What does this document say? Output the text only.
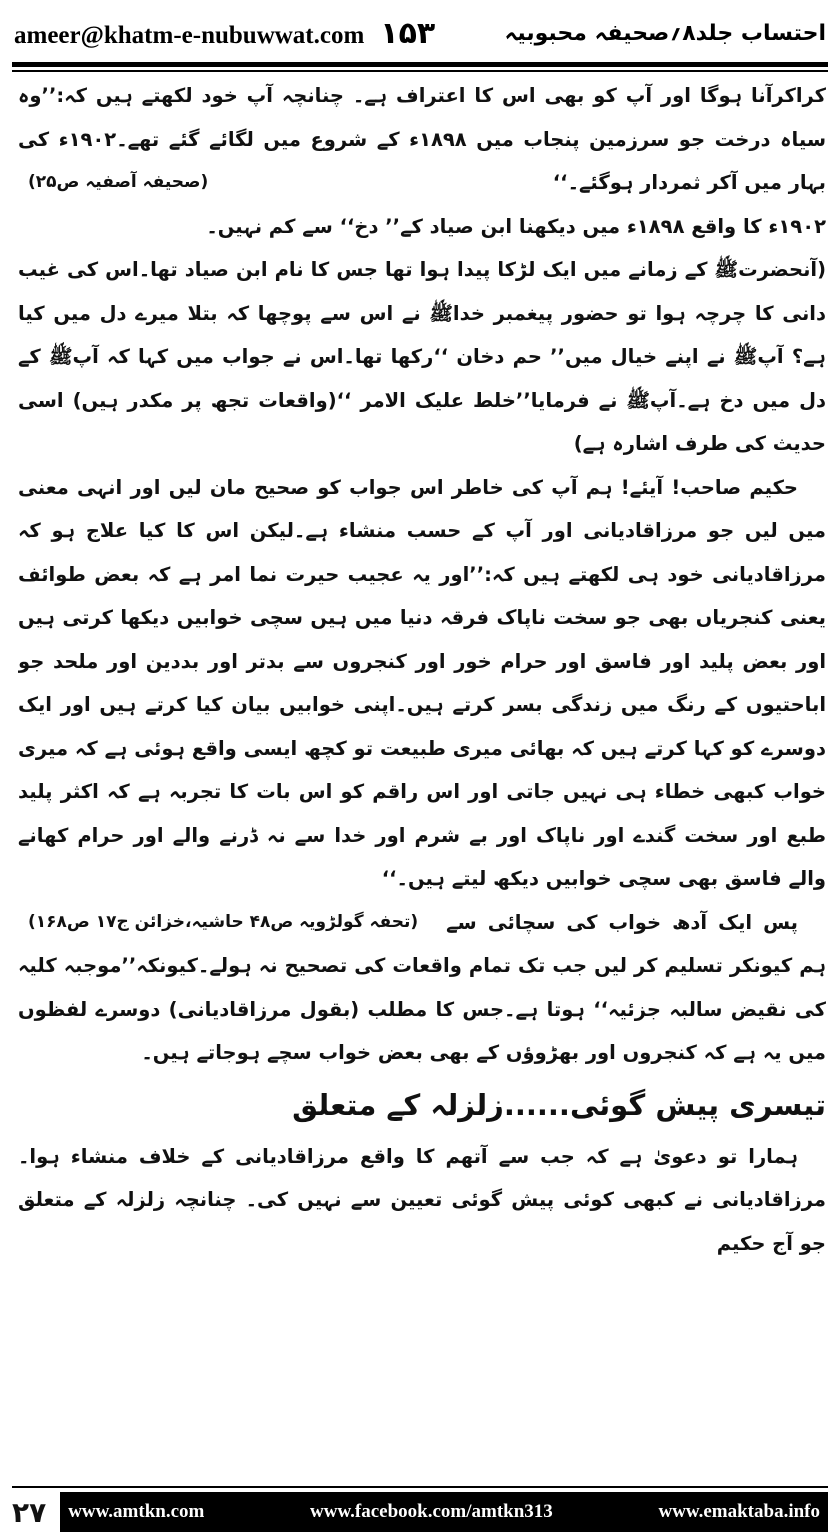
ameer@khatm-e-nubuwwat.com ۱۵۳	احتساب جلد۸؍صحیفہ محبوبیہ

کراکرآنا ہوگا اور آپ کو بھی اس کا اعتراف ہے۔ چنانچہ آپ خود لکھتے ہیں کہ:’’وہ سیاہ درخت جو سرزمین پنجاب میں ۱۸۹۸ء کے شروع میں لگائے گئے تھے۔۱۹۰۲ء کی بہار میں آکر ثمردار ہوگئے۔‘‘
(صحیفہ آصفیہ ص۲۵)

۱۹۰۲ء کا واقع ۱۸۹۸ء میں دیکھنا ابن صیاد کے’’ دخ‘‘ سے کم نہیں۔

(آنحضرتﷺ کے زمانے میں ایک لڑکا پیدا ہوا تھا جس کا نام ابن صیاد تھا۔اس کی غیب دانی کا چرچہ ہوا تو حضور پیغمبر خداﷺ نے اس سے پوچھا کہ بتلا میرے دل میں کیا ہے؟ آپﷺ نے اپنے خیال میں’’ حم دخان ‘‘رکھا تھا۔اس نے جواب میں کہا کہ آپﷺ کے دل میں دخ ہے۔آپﷺ نے فرمایا’’خلط علیک الامر ‘‘(واقعات تجھ پر مکدر ہیں) اسی حدیث کی طرف اشارہ ہے)

حکیم صاحب! آیئے! ہم آپ کی خاطر اس جواب کو صحیح مان لیں اور انہی معنی میں لیں جو مرزاقادیانی اور آپ کے حسب منشاء ہے۔لیکن اس کا کیا علاج ہو کہ مرزاقادیانی خود ہی لکھتے ہیں کہ:’’اور یہ عجیب حیرت نما امر ہے کہ بعض طوائف یعنی کنجریاں بھی جو سخت ناپاک فرقہ دنیا میں ہیں سچی خوابیں دیکھا کرتی ہیں اور بعض پلید اور فاسق اور حرام خور اور کنجروں سے بدتر اور بددین اور ملحد جو اباحتیوں کے رنگ میں زندگی بسر کرتے ہیں۔اپنی خوابیں بیان کیا کرتے ہیں اور ایک دوسرے کو کہا کرتے ہیں کہ بھائی میری طبیعت تو کچھ ایسی واقع ہوئی ہے کہ میری خواب کبھی خطاء ہی نہیں جاتی اور اس راقم کو اس بات کا تجربہ ہے کہ اکثر پلید طبع اور سخت گندے اور ناپاک اور بے شرم اور خدا سے نہ ڈرنے والے اور حرام کھانے والے فاسق بھی سچی خوابیں دیکھ لیتے ہیں۔‘‘
(تحفہ گولڑویہ ص۴۸ حاشیہ،خزائن ج۱۷ ص۱۶۸)	پس ایک آدھ خواب کی سچائی سے ہم کیونکر تسلیم کر لیں جب تک تمام واقعات کی تصحیح نہ ہولے۔کیونکہ’’موجبہ کلیہ کی نقیض سالبہ جزئیہ‘‘ ہوتا ہے۔جس کا مطلب (بقول مرزاقادیانی) دوسرے لفظوں میں یہ ہے کہ کنجروں اور بھڑوؤں کے بھی بعض خواب سچے ہوجاتے ہیں۔

تیسری پیش گوئی......زلزلہ کے متعلق

ہمارا تو دعویٰ ہے کہ جب سے آتھم کا واقع مرزاقادیانی کے خلاف منشاء ہوا۔ مرزاقادیانی نے کبھی کوئی پیش گوئی تعیین سے نہیں کی۔ چنانچہ زلزلہ کے متعلق جو آج حکیم

۲۷ www.amtkn.com	www.facebook.com/amtkn313	www.emaktaba.info
